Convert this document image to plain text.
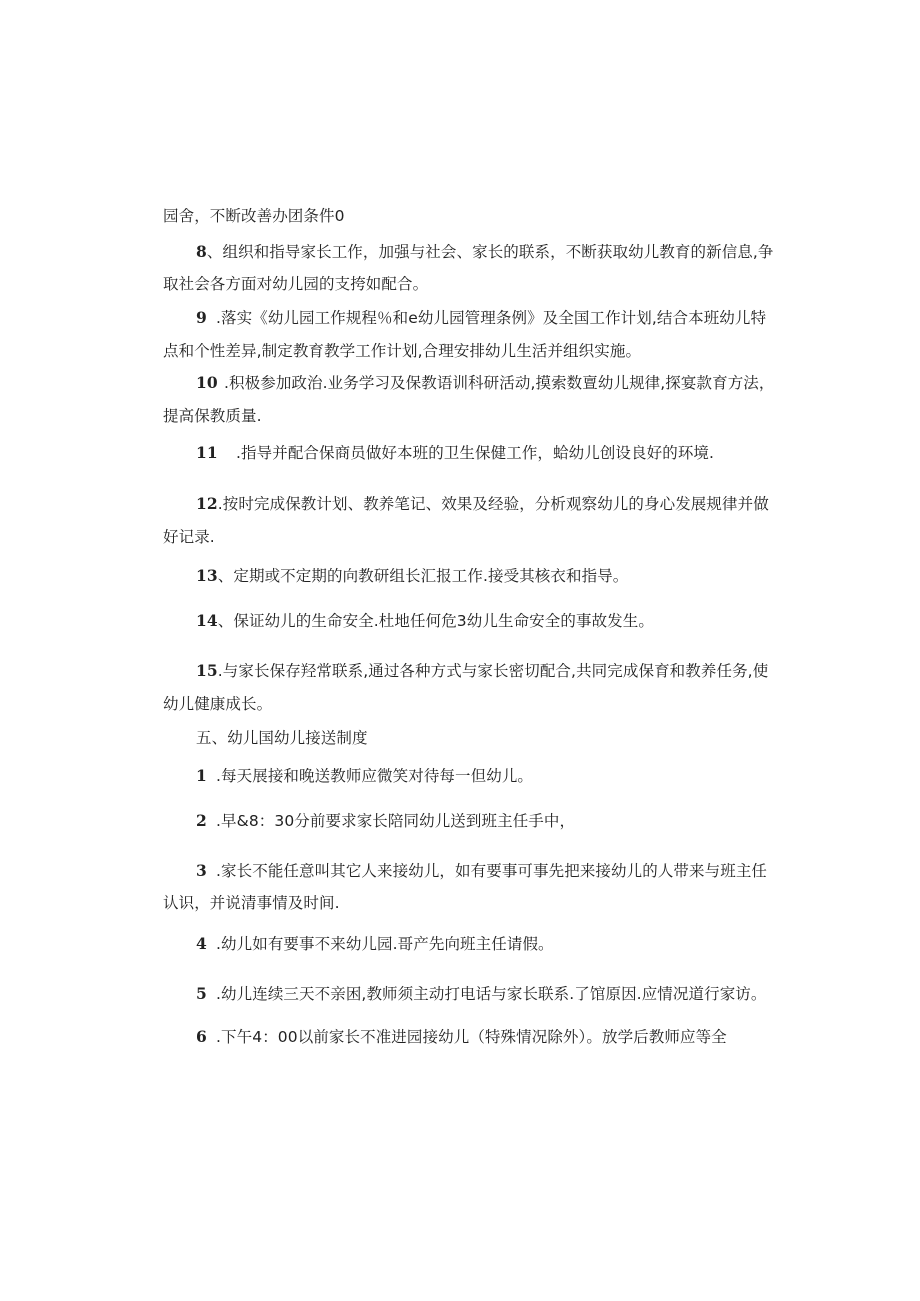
园舍，不断改善办团条件0
8、组织和指导家长工作，加强与社会、家长的联系，不断获取幼儿教育的新信息,争
取社会各方面对幼儿园的支挎如配合。
9 .落实《幼儿园工作规程％和e幼儿园管理条例》及全国工作计划,结合本班幼儿特
点和个性差异,制定教育教学工作计划,合理安排幼儿生活并组织实施。
10 .积极参加政治.业务学习及保教语训科研活动,摸索数亶幼儿规律,探宴款育方法，
提高保教质量.
11 .指导并配合保商员做好本班的卫生保健工作，蛤幼儿创设良好的环境.
12.按时完成保教计划、教养笔记、效果及经验，分析观察幼儿的身心发展规律并做
好记录.
13、定期或不定期的向教研组长汇报工作.接受其核衣和指导。
14、保证幼儿的生命安全.杜地任何危3幼儿生命安全的事故发生。
15.与家长保存羟常联系,通过各种方式与家长密切配合,共同完成保育和教养任务,使
幼儿健康成长。
五、幼儿国幼儿接送制度
1 .每天展接和晚送教师应微笑对待每一但幼儿。
2 .早&8：30分前要求家长陪同幼儿送到班主任手中，
3 .家长不能任意叫其它人来接幼儿，如有要事可事先把来接幼儿的人带来与班主任
认识，并说清事情及时间.
4 .幼儿如有要事不来幼儿园.哥产先向班主任请假。
5 .幼儿连续三天不亲困,教师须主动打电话与家长联系.了馆原因.应情况道行家访。
6 .下午4：00以前家长不准进园接幼儿（特殊情况除外）。放学后教师应等全
